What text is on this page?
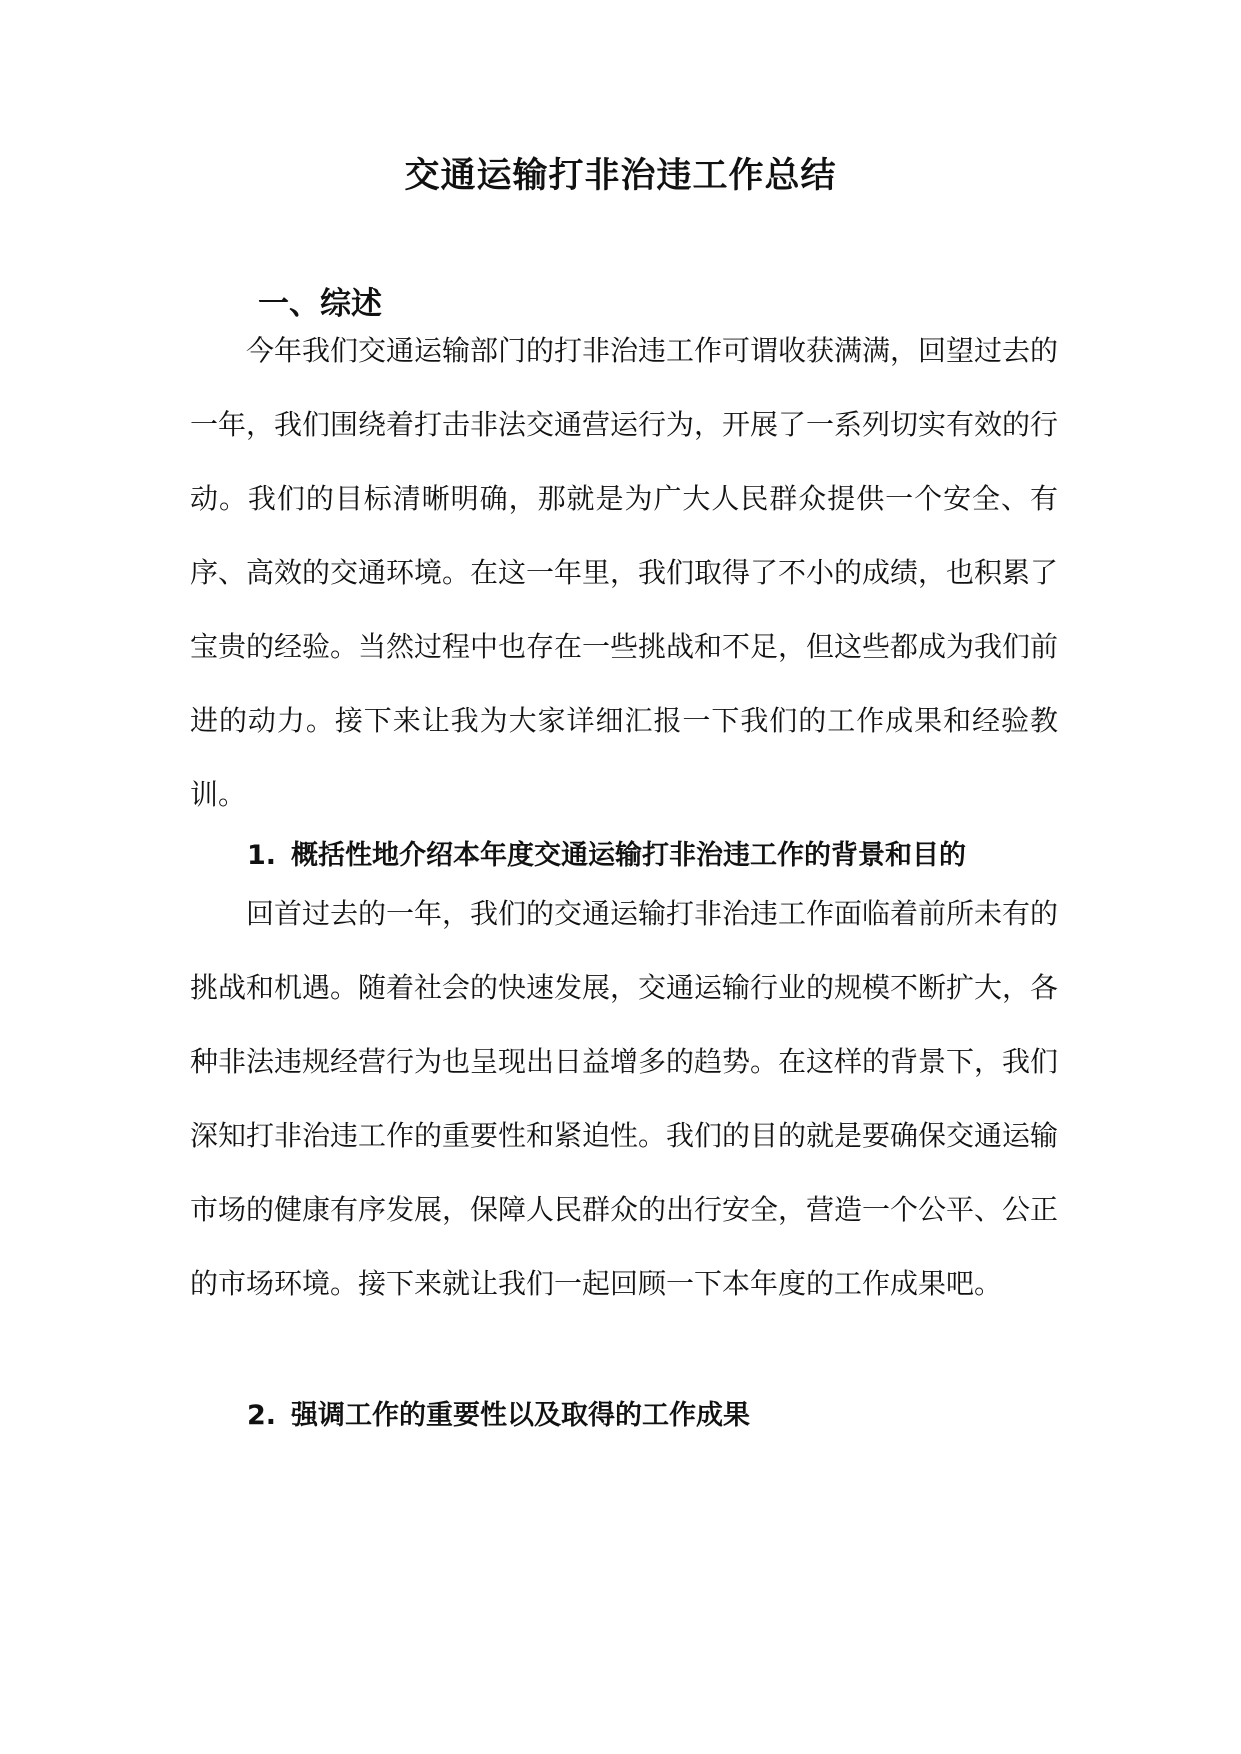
交通运输打非治违工作总结
一、综述

今年我们交通运输部门的打非治违工作可谓收获满满，回望过去的一年，我们围绕着打击非法交通营运行为，开展了一系列切实有效的行动。我们的目标清晰明确，那就是为广大人民群众提供一个安全、有序、高效的交通环境。在这一年里，我们取得了不小的成绩，也积累了宝贵的经验。当然过程中也存在一些挑战和不足，但这些都成为我们前进的动力。接下来让我为大家详细汇报一下我们的工作成果和经验教训。

1. 概括性地介绍本年度交通运输打非治违工作的背景和目的

回首过去的一年，我们的交通运输打非治违工作面临着前所未有的挑战和机遇。随着社会的快速发展，交通运输行业的规模不断扩大，各种非法违规经营行为也呈现出日益增多的趋势。在这样的背景下，我们深知打非治违工作的重要性和紧迫性。我们的目的就是要确保交通运输市场的健康有序发展，保障人民群众的出行安全，营造一个公平、公正的市场环境。接下来就让我们一起回顾一下本年度的工作成果吧。

2. 强调工作的重要性以及取得的工作成果
